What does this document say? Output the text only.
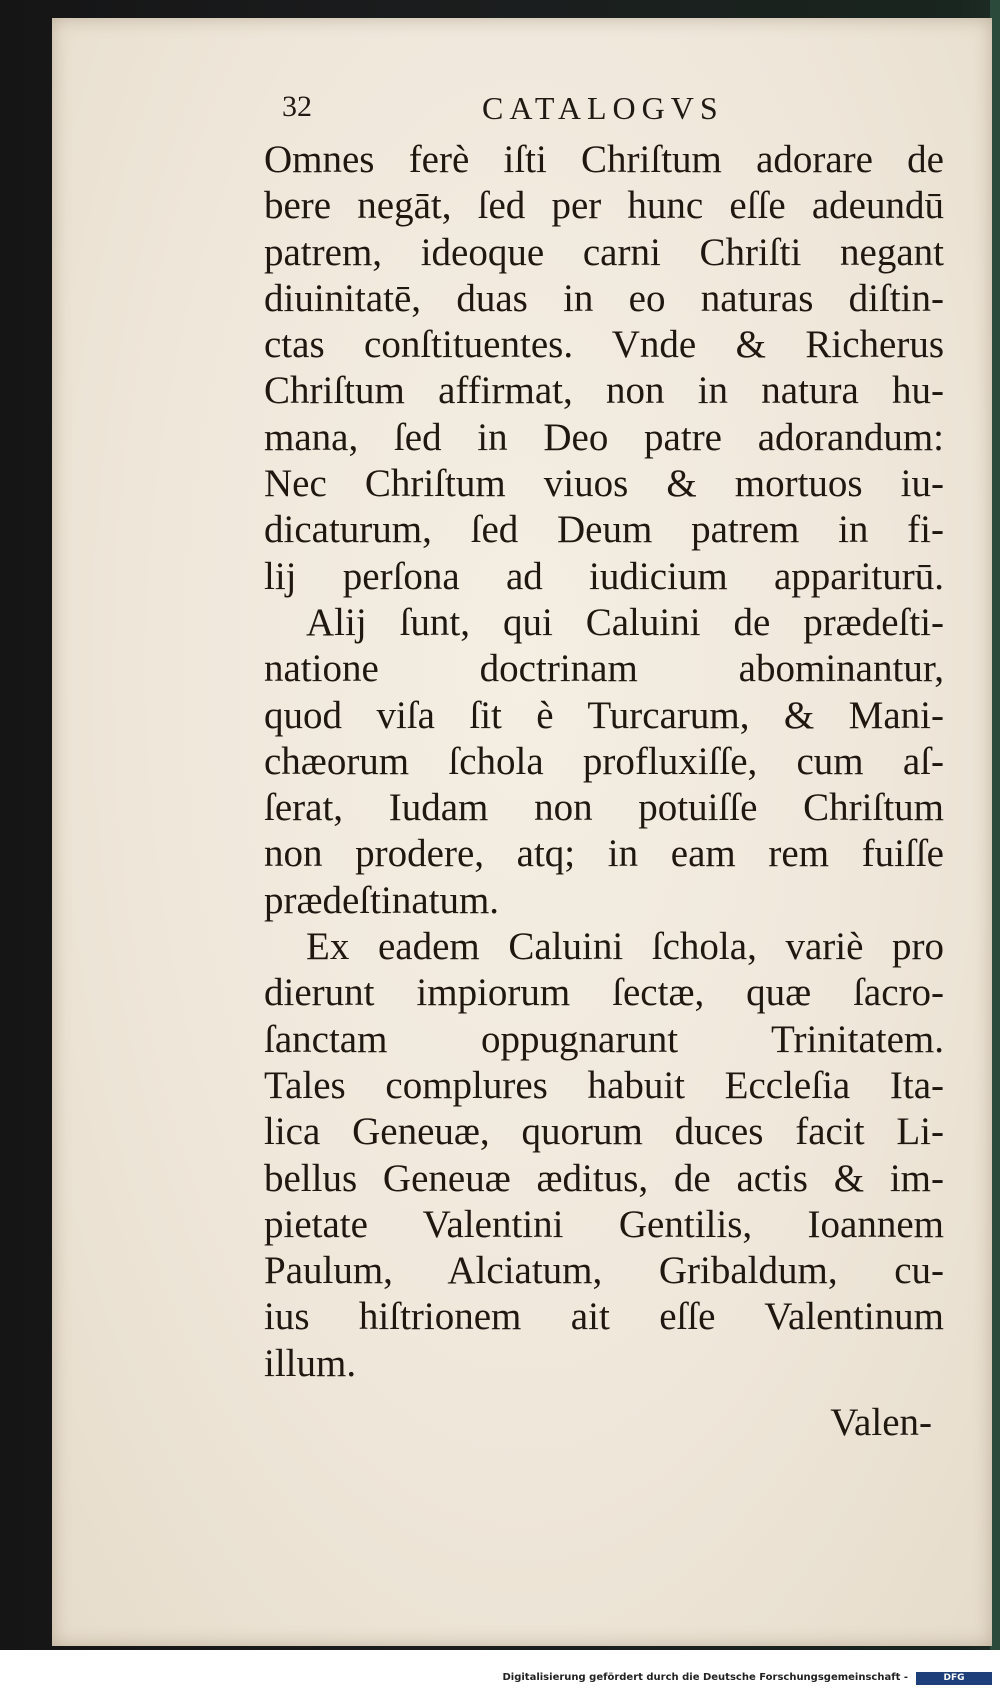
32	CATALOGVS
Omnes ferè iſti Chriſtum adorare de
bere negāt, ſed per hunc eſſe adeundū
patrem, ideoque carni Chriſti negant
diuinitatē, duas in eo naturas diſtin-
ctas conſtituentes. Vnde & Richerus
Chriſtum affirmat, non in natura hu-
mana, ſed in Deo patre adorandum:
Nec Chriſtum viuos & mortuos iu-
dicaturum, ſed Deum patrem in fi-
lij perſona ad iudicium appariturū.
Alij ſunt, qui Caluini de prædeſti-
natione doctrinam abominantur,
quod viſa ſit è Turcarum, & Mani-
chæorum ſchola profluxiſſe, cum aſ-
ſerat, Iudam non potuiſſe Chriſtum
non prodere, atq; in eam rem fuiſſe
prædeſtinatum.
Ex eadem Caluini ſchola, variè pro
dierunt impiorum ſectæ, quæ ſacro-
ſanctam oppugnarunt Trinitatem.
Tales complures habuit Eccleſia Ita-
lica Geneuæ, quorum duces facit Li-
bellus Geneuæ æditus, de actis & im-
pietate Valentini Gentilis, Ioannem
Paulum, Alciatum, Gribaldum, cu-
ius hiſtrionem ait eſſe Valentinum
illum.
Valen-
Digitalisierung gefördert durch die Deutsche Forschungsgemeinschaft -	DFG
